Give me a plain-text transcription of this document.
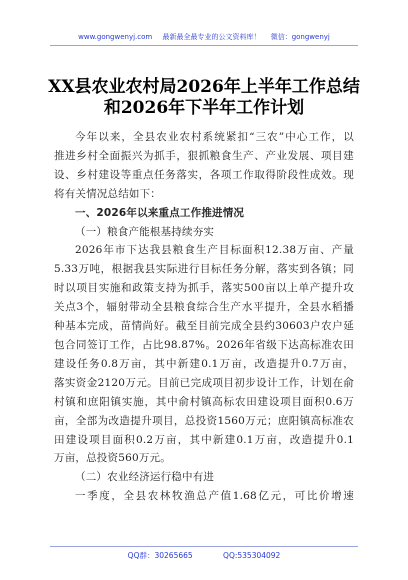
www.gongwenyj.com 最新最全最专业的公文资料库！ 微信：gongwenyj
XX县农业农村局2026年上半年工作总结
和2026年下半年工作计划
今年以来，全县农业农村系统紧扣“三农”中心工作，以
推进乡村全面振兴为抓手，狠抓粮食生产、产业发展、项目建
设、乡村建设等重点任务落实，各项工作取得阶段性成效。现
将有关情况总结如下：
一、2026年以来重点工作推进情况
（一）粮食产能根基持续夯实
2026年市下达我县粮食生产目标面积12.38万亩、产量
5.33万吨，根据我县实际进行目标任务分解，落实到各镇；同
时以项目实施和政策支持为抓手，落实500亩以上单产提升攻
关点3个，辐射带动全县粮食综合生产水平提升，全县水稻播
种基本完成，苗情尚好。截至目前完成全县约30603户农户延
包合同签订工作，占比98.87%。2026年省级下达高标准农田
建设任务0.8万亩，其中新建0.1万亩，改造提升0.7万亩，
落实资金2120万元。目前已完成项目初步设计工作，计划在俞
村镇和庶阳镇实施，其中俞村镇高标农田建设项目面积0.6万
亩，全部为改造提升项目，总投资1560万元；庶阳镇高标准农
田建设项目面积0.2万亩，其中新建0.1万亩，改造提升0.1
万亩，总投资560万元。
（二）农业经济运行稳中有进
一季度，全县农林牧渔总产值1.68亿元，可比价增速
QQ群：30265665	QQ:535304092
